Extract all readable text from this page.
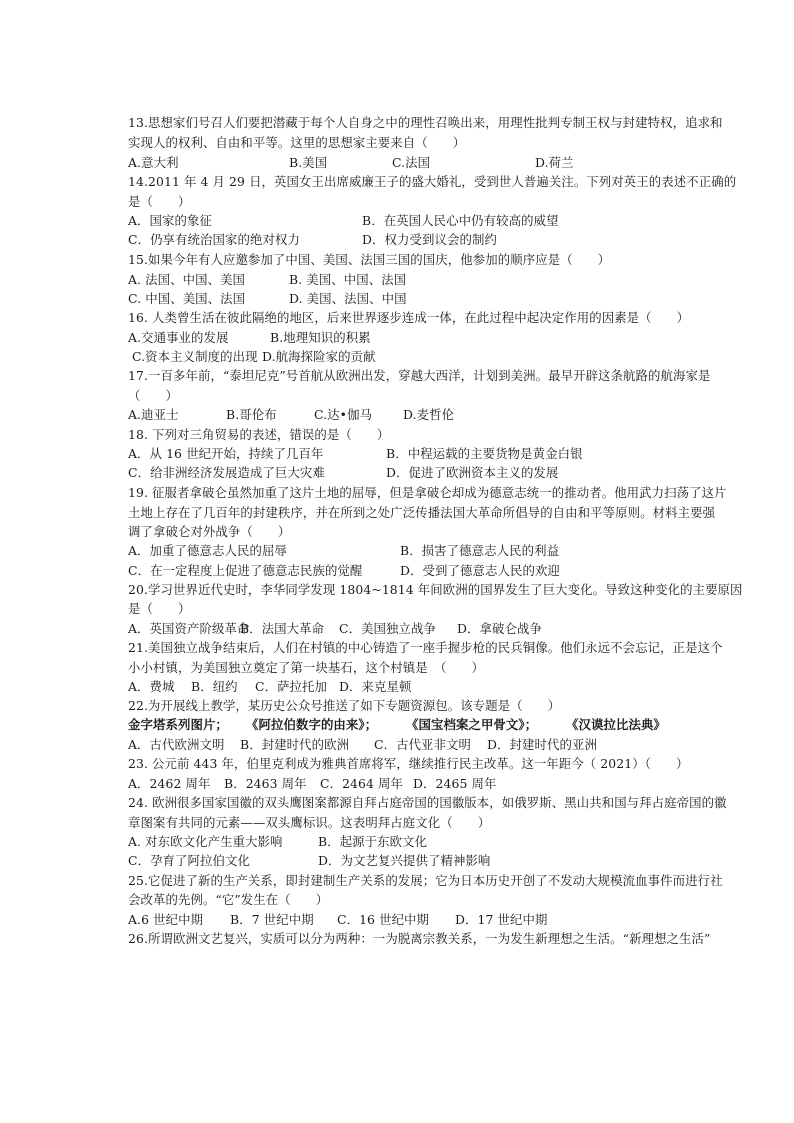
13.思想家们号召人们要把潜藏于每个人自身之中的理性召唤出来，用理性批判专制王权与封建特权，追求和
实现人的权利、自由和平等。这里的思想家主要来自（　　）
A.意大利	B.美国	C.法国	D.荷兰
14.2011 年 4 月 29 日，英国女王出席威廉王子的盛大婚礼，受到世人普遍关注。下列对英王的表述不正确的
是（　　）
A．国家的象征	B．在英国人民心中仍有较高的威望
C．仍享有统治国家的绝对权力	D．权力受到议会的制约
15.如果今年有人应邀参加了中国、美国、法国三国的国庆，他参加的顺序应是（　　）
A. 法国、中国、美国	B. 美国、中国、法国
C. 中国、美国、法国	D. 美国、法国、中国
16. 人类曾生活在彼此隔绝的地区，后来世界逐步连成一体，在此过程中起决定作用的因素是（　　）
A.交通事业的发展	B.地理知识的积累
C.资本主义制度的出现 D.航海探险家的贡献
17.一百多年前，“泰坦尼克”号首航从欧洲出发，穿越大西洋，计划到美洲。最早开辟这条航路的航海家是
（　　）
A.迪亚士	B.哥伦布	C.达•伽马 D.麦哲伦
18. 下列对三角贸易的表述，错误的是（　　）
A．从 16 世纪开始，持续了几百年	B．中程运载的主要货物是黄金白银
C．给非洲经济发展造成了巨大灾难	D．促进了欧洲资本主义的发展
19. 征服者拿破仑虽然加重了这片土地的屈辱，但是拿破仑却成为德意志统一的推动者。他用武力扫荡了这片
土地上存在了几百年的封建秩序，并在所到之处广泛传播法国大革命所倡导的自由和平等原则。材料主要强
调了拿破仑对外战争（　　）
A．加重了德意志人民的屈辱	B．损害了德意志人民的利益
C．在一定程度上促进了德意志民族的觉醒	D．受到了德意志人民的欢迎
20.学习世界近代史时，李华同学发现 1804~1814 年间欧洲的国界发生了巨大变化。导致这种变化的主要原因
是（　　）
A．英国资产阶级革命
B．法国大革命 C．美国独立战争 D．拿破仑战争
21.美国独立战争结束后，人们在村镇的中心铸造了一座手握步枪的民兵铜像。他们永远不会忘记，正是这个
小小村镇，为美国独立奠定了第一块基石，这个村镇是　（　　）
A．费城 B．纽约 C．萨拉托加 D．来克星顿
22.为开展线上教学，某历史公众号推送了如下专题资源包。该专题是（　　）
金字塔系列图片； 《阿拉伯数字的由来》； 《国宝档案之甲骨文》； 《汉谟拉比法典》
A．古代欧洲文明 B．封建时代的欧洲 C．古代亚非文明 D．封建时代的亚洲
23. 公元前 443 年，伯里克利成为雅典首席将军，继续推行民主改革。这一年距今（ 2021）（　　）
A．2462 周年 B．2463 周年 C．2464 周年 D．2465 周年
24. 欧洲很多国家国徽的双头鹰图案都源自拜占庭帝国的国徽版本，如俄罗斯、黑山共和国与拜占庭帝国的徽
章图案有共同的元素——双头鹰标识。这表明拜占庭文化（　　）
A. 对东欧文化产生重大影响	B．起源于东欧文化
C．孕育了阿拉伯文化	D．为文艺复兴提供了精神影响
25.它促进了新的生产关系，即封建制生产关系的发展；它为日本历史开创了不发动大规模流血事件而进行社
会改革的先例。“它”发生在（　　）
A.6 世纪中期 B．7 世纪中期 C．16 世纪中期 D．17 世纪中期
26.所谓欧洲文艺复兴，实质可以分为两种：一为脱离宗教关系，一为发生新理想之生活。“新理想之生活”
